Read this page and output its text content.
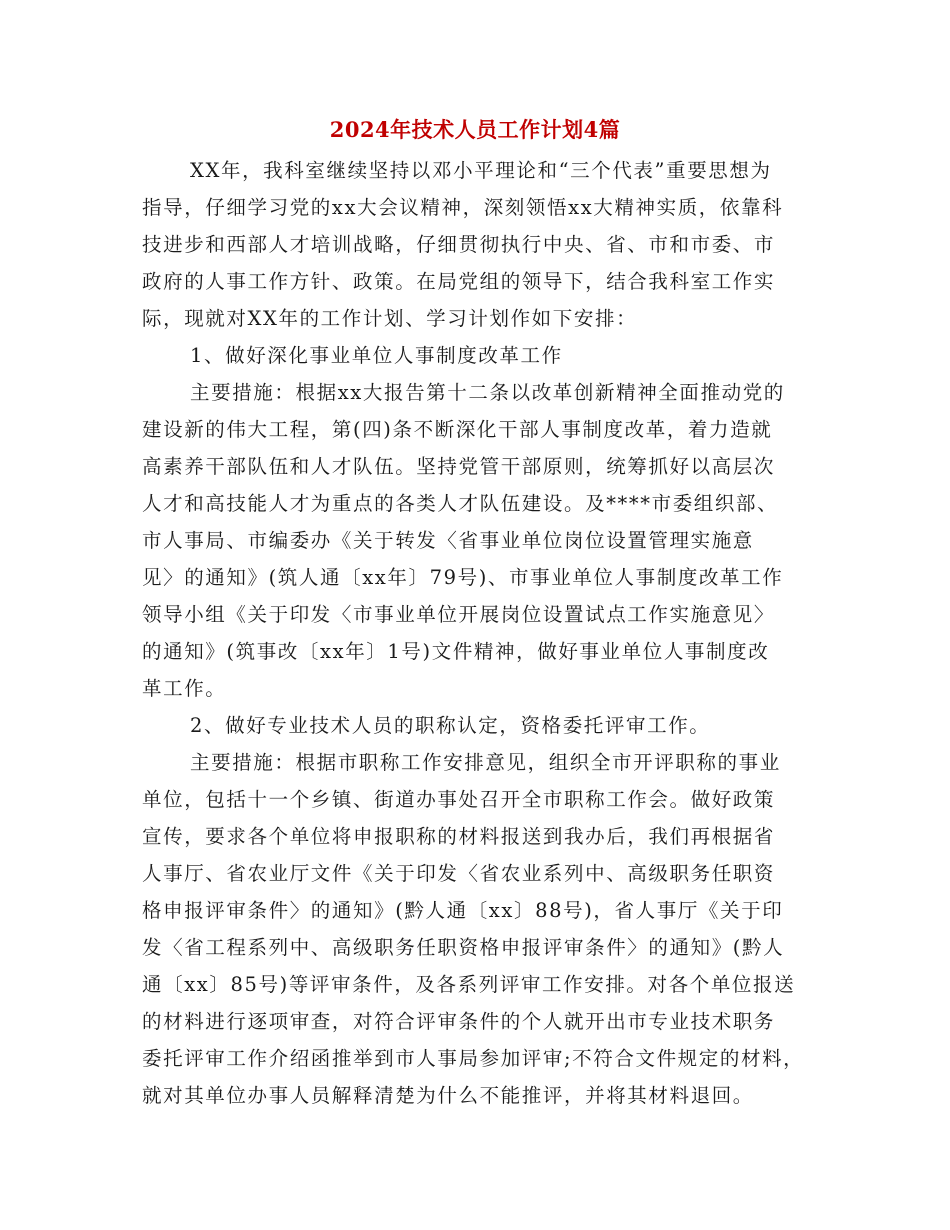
2024年技术人员工作计划4篇
XX年，我科室继续坚持以邓小平理论和“三个代表”重要思想为
指导，仔细学习党的xx大会议精神，深刻领悟xx大精神实质，依靠科
技进步和西部人才培训战略，仔细贯彻执行中央、省、市和市委、市
政府的人事工作方针、政策。在局党组的领导下，结合我科室工作实
际，现就对XX年的工作计划、学习计划作如下安排：
1、做好深化事业单位人事制度改革工作
主要措施：根据xx大报告第十二条以改革创新精神全面推动党的
建设新的伟大工程，第(四)条不断深化干部人事制度改革，着力造就
高素养干部队伍和人才队伍。坚持党管干部原则，统筹抓好以高层次
人才和高技能人才为重点的各类人才队伍建设。及****市委组织部、
市人事局、市编委办《关于转发〈省事业单位岗位设置管理实施意
见〉的通知》(筑人通〔xx年〕79号)、市事业单位人事制度改革工作
领导小组《关于印发〈市事业单位开展岗位设置试点工作实施意见〉
的通知》(筑事改〔xx年〕1号)文件精神，做好事业单位人事制度改
革工作。
2、做好专业技术人员的职称认定，资格委托评审工作。
主要措施：根据市职称工作安排意见，组织全市开评职称的事业
单位，包括十一个乡镇、街道办事处召开全市职称工作会。做好政策
宣传，要求各个单位将申报职称的材料报送到我办后，我们再根据省
人事厅、省农业厅文件《关于印发〈省农业系列中、高级职务任职资
格申报评审条件〉的通知》(黔人通〔xx〕88号)，省人事厅《关于印
发〈省工程系列中、高级职务任职资格申报评审条件〉的通知》(黔人
通〔xx〕85号)等评审条件，及各系列评审工作安排。对各个单位报送
的材料进行逐项审查，对符合评审条件的个人就开出市专业技术职务
委托评审工作介绍函推举到市人事局参加评审;不符合文件规定的材料，
就对其单位办事人员解释清楚为什么不能推评，并将其材料退回。
